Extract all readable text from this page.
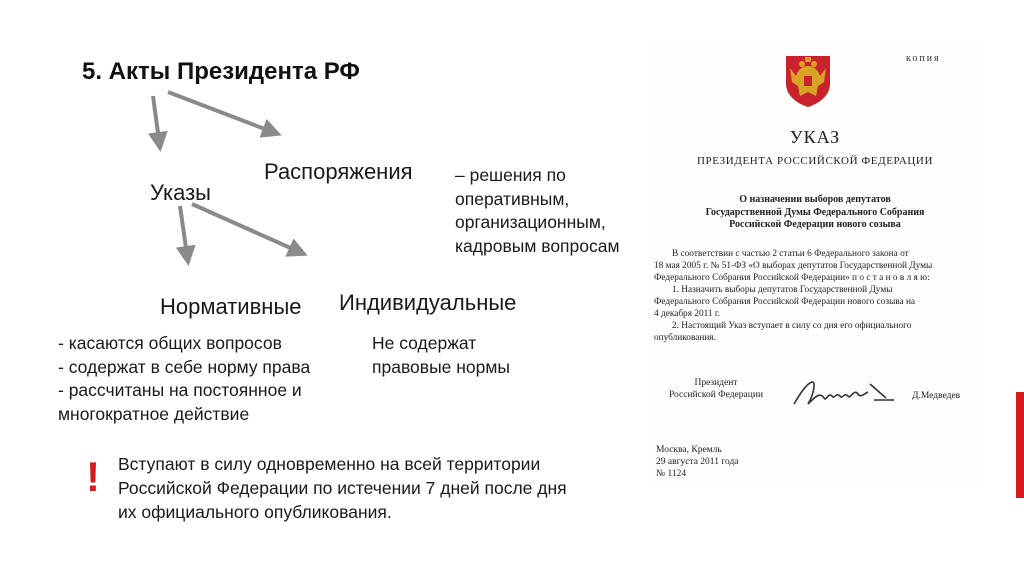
5. Акты Президента РФ
Указы
Распоряжения – решения по
оперативным,
организационным,
кадровым вопросам
Нормативные Индивидуальные
- касаются общих вопросов
- содержат в себе норму права
- рассчитаны на постоянное и
многократное действие
Не содержат
правовые нормы
! Вступают в силу одновременно на всей территории
Российской Федерации по истечении 7 дней после дня
их официального опубликования.
копия
УКАЗ
ПРЕЗИДЕНТА РОССИЙСКОЙ ФЕДЕРАЦИИ
О назначении выборов депутатов
Государственной Думы Федерального Собрания
Российской Федерации нового созыва
В соответствии с частью 2 статьи 6 Федерального закона от
18 мая 2005 г. № 51-ФЗ «О выборах депутатов Государственной Думы
Федерального Собрания Российской Федерации» п о с т а н о в л я ю:
1. Назначить выборы депутатов Государственной Думы
Федерального Собрания Российской Федерации нового созыва на
4 декабря 2011 г.
2. Настоящий Указ вступает в силу со дня его официального
опубликования.
Президент
Российской Федерации	Д.Медведев
Москва, Кремль
29 августа 2011 года
№ 1124
